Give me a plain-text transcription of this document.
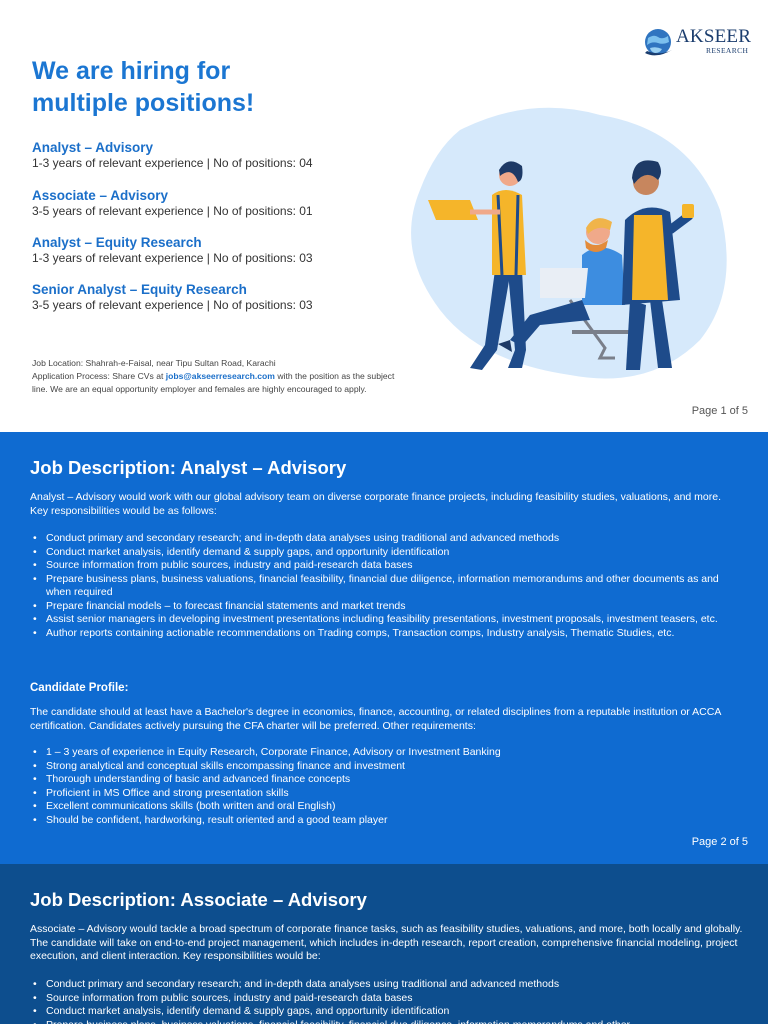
AKSEER
RESEARCH
We are hiring for
multiple positions!
Analyst – Advisory
1-3 years of relevant experience | No of positions: 04
Associate – Advisory
3-5 years of relevant experience | No of positions: 01
Analyst – Equity Research
1-3 years of relevant experience | No of positions: 03
Senior Analyst – Equity Research
3-5 years of relevant experience | No of positions: 03
Job Location: Shahrah-e-Faisal, near Tipu Sultan Road, Karachi
Application Process: Share CVs at jobs@akseerresearch.com with the position as the subject line. We are an equal opportunity employer and females are highly encouraged to apply.
Page 1 of 5
Job Description: Analyst – Advisory

Analyst – Advisory would work with our global advisory team on diverse corporate finance projects, including feasibility studies, valuations, and more. Key responsibilities would be as follows:

• Conduct primary and secondary research; and in-depth data analyses using traditional and advanced methods
• Conduct market analysis, identify demand & supply gaps, and opportunity identification
• Source information from public sources, industry and paid-research data bases
• Prepare business plans, business valuations, financial feasibility, financial due diligence, information memorandums and other documents as and when required
• Prepare financial models – to forecast financial statements and market trends
• Assist senior managers in developing investment presentations including feasibility presentations, investment proposals, investment teasers, etc.
• Author reports containing actionable recommendations on Trading comps, Transaction comps, Industry analysis, Thematic Studies, etc.
Candidate Profile:

The candidate should at least have a Bachelor's degree in economics, finance, accounting, or related disciplines from a reputable institution or ACCA certification. Candidates actively pursuing the CFA charter will be preferred. Other requirements:

• 1 – 3 years of experience in Equity Research, Corporate Finance, Advisory or Investment Banking
• Strong analytical and conceptual skills encompassing finance and investment
• Thorough understanding of basic and advanced finance concepts
• Proficient in MS Office and strong presentation skills
• Excellent communications skills (both written and oral English)
• Should be confident, hardworking, result oriented and a good team player
Page 2 of 5
Job Description: Associate – Advisory

Associate – Advisory would tackle a broad spectrum of corporate finance tasks, such as feasibility studies, valuations, and more, both locally and globally. The candidate will take on end-to-end project management, which includes in-depth research, report creation, comprehensive financial modeling, project execution, and client interaction. Key responsibilities would be:

• Conduct primary and secondary research; and in-depth data analyses using traditional and advanced methods
• Source information from public sources, industry and paid-research data bases
• Conduct market analysis, identify demand & supply gaps, and opportunity identification
• Prepare business plans, business valuations, financial feasibility, financial due diligence, information memorandums and other
